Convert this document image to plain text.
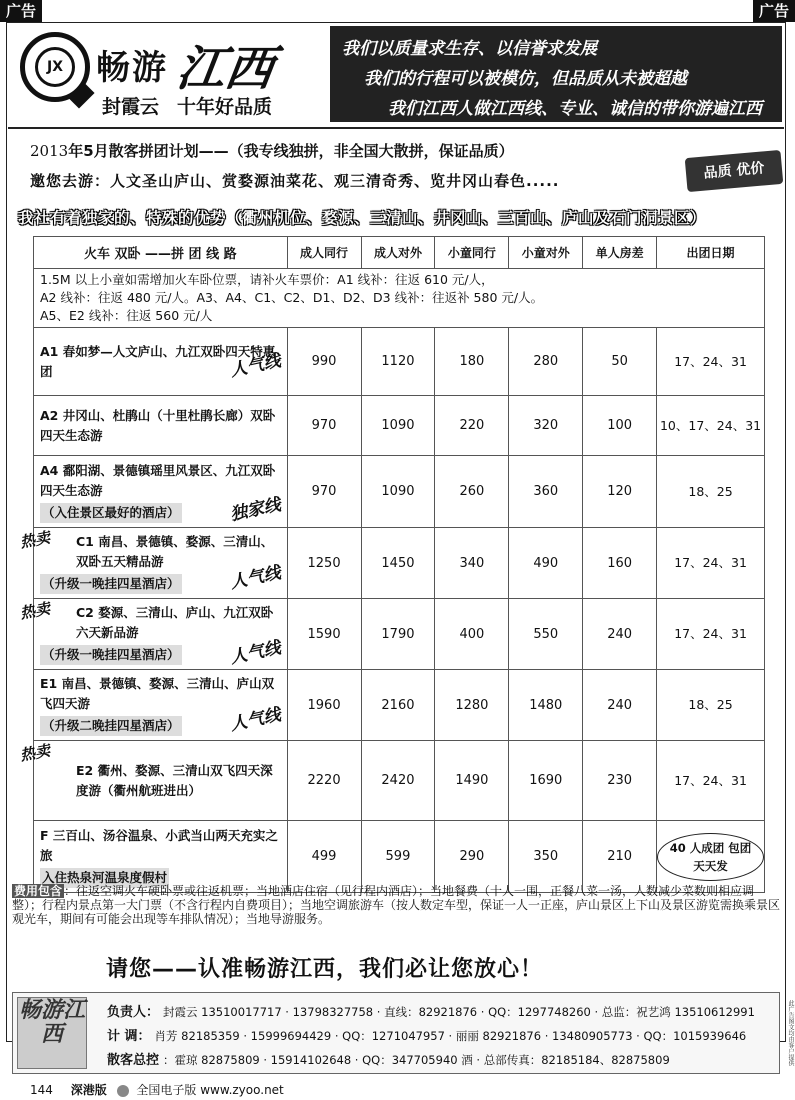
广告	广告
JX 畅游 江西
封霞云 十年好品质
我们以质量求生存、以信誉求发展
我们的行程可以被模仿，但品质从未被超越
我们江西人做江西线、专业、诚信的带你游遍江西
2013年5月散客拼团计划——（我专线独拼，非全国大散拼，保证品质）
邀您去游：人文圣山庐山、赏婺源油菜花、观三清奇秀、览井冈山春色.....	品质 优价
我社有着独家的、特殊的优势（衢州机位、婺源、三清山、井冈山、三百山、庐山及石门洞景区）
火车 双卧 ——拼 团 线 路	成人同行	成人对外	小童同行	小童对外	单人房差	出团日期

1.5M 以上小童如需增加火车卧位票，请补火车票价：A1 线补：往返 610 元/人，
A2 线补：往返 480 元/人。A3、A4、C1、C2、D1、D2、D3 线补：往返补 580 元/人。
A5、E2 线补：往返 560 元/人						

A1 春如梦—人文庐山、九江双卧四天特惠团 人气线	990	1120	180	280	50	17、24、31

A2 井冈山、杜鹃山（十里杜鹃长廊）双卧四天生态游	970	1090	220	320	100	10、17、24、31

A4 鄱阳湖、景德镇瑶里风景区、九江双卧四天生态游
（入住景区最好的酒店） 独家线	970	1090	260	360	120	18、25

C1 南昌、景德镇、婺源、三清山、双卧五天精品游
（升级一晚挂四星酒店） 人气线
热卖	1250	1450	340	490	160	17、24、31

C2 婺源、三清山、庐山、九江双卧六天新品游
（升级一晚挂四星酒店） 人气线
热卖	1590	1790	400	550	240	17、24、31

E1 南昌、景德镇、婺源、三清山、庐山双飞四天游
（升级二晚挂四星酒店） 人气线	1960	2160	1280	1480	240	18、25

E2 衢州、婺源、三清山双飞四天深度游（衢州航班进出）
热卖	2220	2420	1490	1690	230	17、24、31

F 三百山、汤谷温泉、小武当山两天充实之旅
入住热泉河温泉度假村	499	599	290	350	210	40 人成团 包团天天发
费用包含 ：往返空调火车硬卧票或往返机票；当地酒店住宿（见行程内酒店）；当地餐费（十人一围，正餐八菜一汤，人数减少菜数则相应调整）；行程内景点第一大门票（不含行程内自费项目）；当地空调旅游车（按人数定车型，保证一人一正座，庐山景区上下山及景区游览需换乘景区观光车，期间有可能会出现等车排队情况）；当地导游服务。
请您——认准畅游江西，我们必让您放心！
畅游江西
负责人： 封霞云 13510017717 · 13798327758 · 直线：82921876 · QQ：1297748260 · 总监：祝艺鸿 13510612991
计 调： 肖芳 82185359 · 15999694429 · QQ：1271047957 · 丽丽 82921876 · 13480905773 · QQ：1015939646
散客总控 ：霍琼 82875809 · 15914102648 · QQ：347705940 酒 · 总部传真：82185184、82875809	此广告图文均由客户提供
144 深港版 全国电子版 www.zyoo.net
